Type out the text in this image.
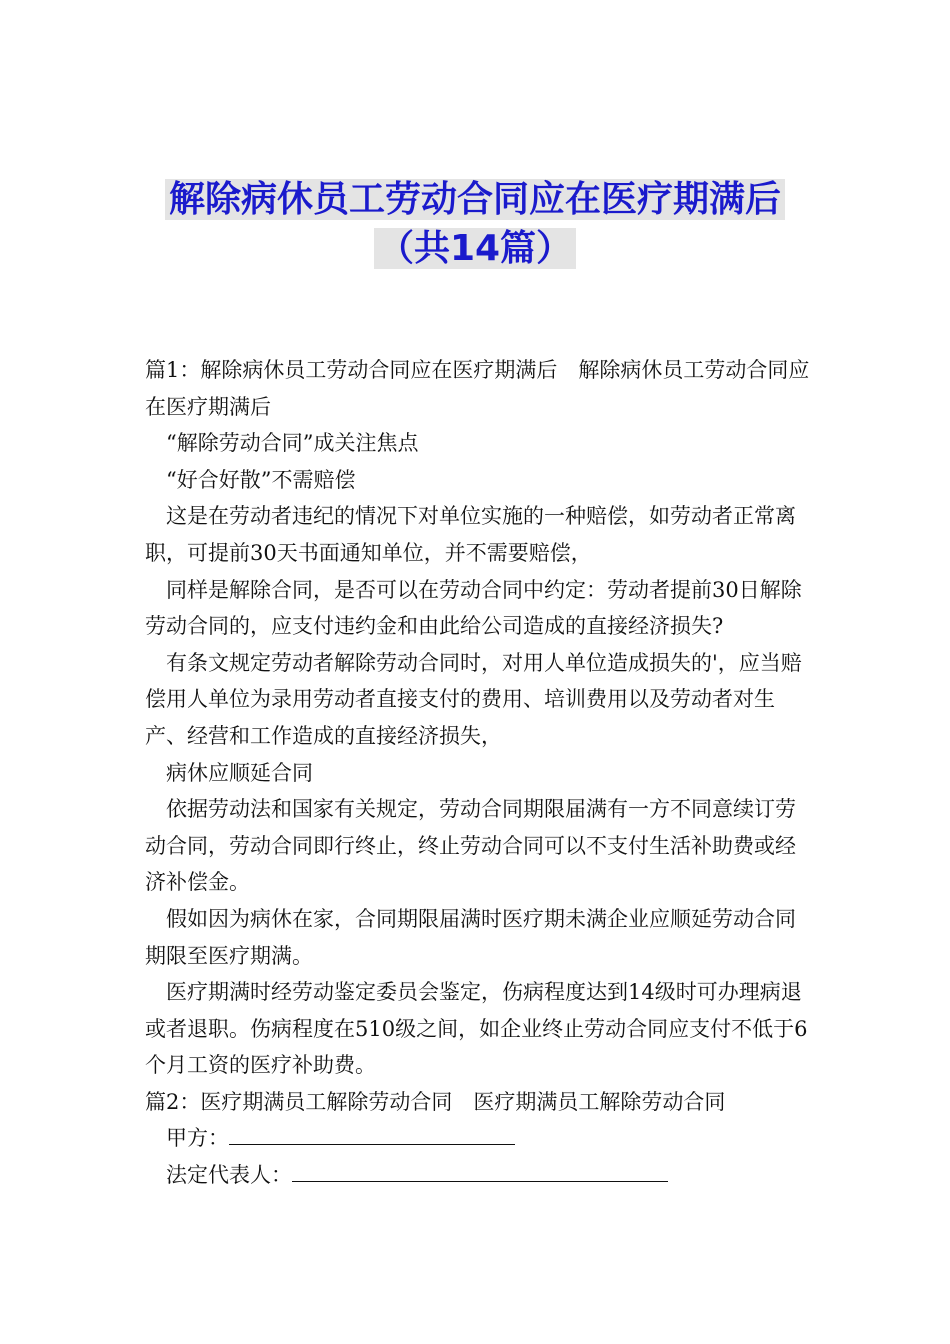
解除病休员工劳动合同应在医疗期满后
（共14篇）

篇1：解除病休员工劳动合同应在医疗期满后　解除病休员工劳动合同应在医疗期满后

“解除劳动合同”成关注焦点

“好合好散”不需赔偿

这是在劳动者违纪的情况下对单位实施的一种赔偿，如劳动者正常离职，可提前30天书面通知单位，并不需要赔偿，

同样是解除合同，是否可以在劳动合同中约定：劳动者提前30日解除劳动合同的，应支付违约金和由此给公司造成的直接经济损失?

有条文规定劳动者解除劳动合同时，对用人单位造成损失的'，应当赔偿用人单位为录用劳动者直接支付的费用、培训费用以及劳动者对生产、经营和工作造成的直接经济损失，

病休应顺延合同

依据劳动法和国家有关规定，劳动合同期限届满有一方不同意续订劳动合同，劳动合同即行终止，终止劳动合同可以不支付生活补助费或经济补偿金。

假如因为病休在家，合同期限届满时医疗期未满企业应顺延劳动合同期限至医疗期满。

医疗期满时经劳动鉴定委员会鉴定，伤病程度达到14级时可办理病退或者退职。伤病程度在510级之间，如企业终止劳动合同应支付不低于6个月工资的医疗补助费。

篇2：医疗期满员工解除劳动合同　医疗期满员工解除劳动合同

甲方：

法定代表人：
